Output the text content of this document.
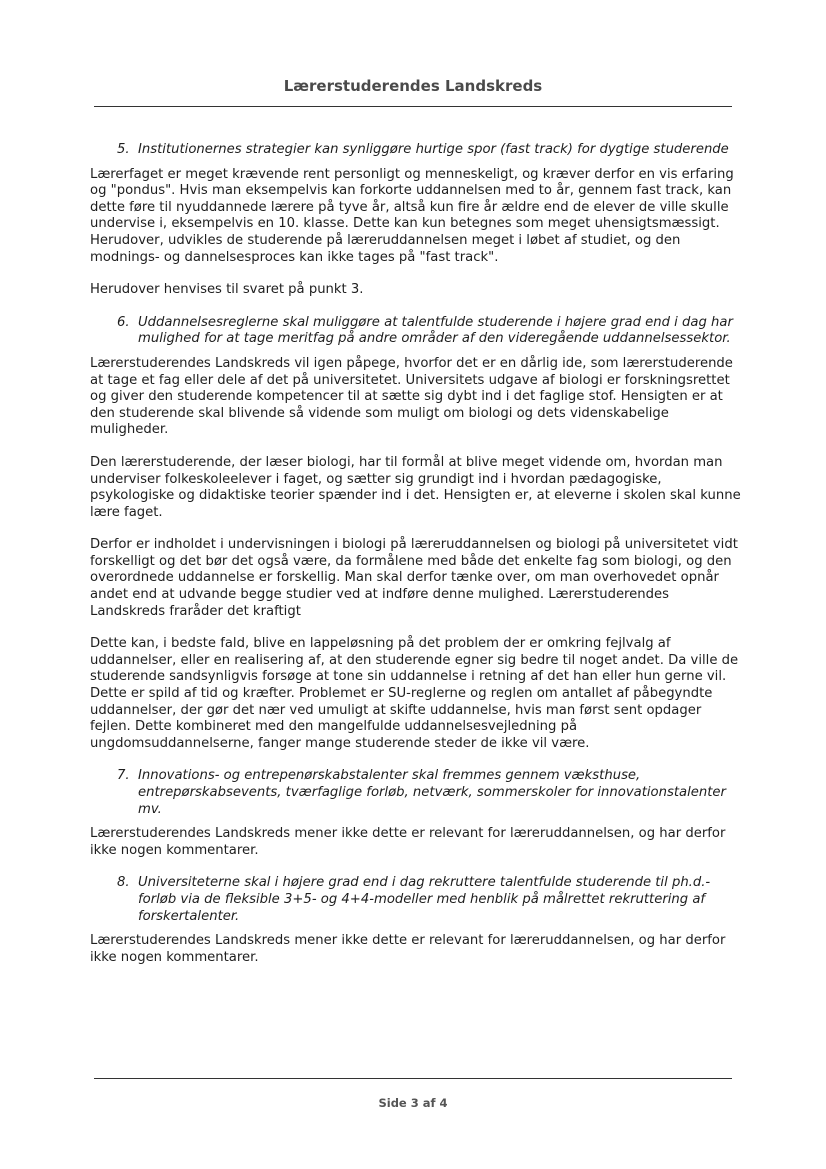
Lærerstuderendes Landskreds
5. Institutionernes strategier kan synliggøre hurtige spor (fast track) for dygtige studerende

Lærerfaget er meget krævende rent personligt og menneskeligt, og kræver derfor en vis erfaring og "pondus". Hvis man eksempelvis kan forkorte uddannelsen med to år, gennem fast track, kan dette føre til nyuddannede lærere på tyve år, altså kun fire år ældre end de elever de ville skulle undervise i, eksempelvis en 10. klasse. Dette kan kun betegnes som meget uhensigtsmæssigt.

Herudover, udvikles de studerende på læreruddannelsen meget i løbet af studiet, og den modnings- og dannelsesproces kan ikke tages på "fast track".

Herudover henvises til svaret på punkt 3.

6. Uddannelsesreglerne skal muliggøre at talentfulde studerende i højere grad end i dag har mulighed for at tage meritfag på andre områder af den videregående uddannelsessektor.

Lærerstuderendes Landskreds vil igen påpege, hvorfor det er en dårlig ide, som lærerstuderende at tage et fag eller dele af det på universitetet. Universitets udgave af biologi er forskningsrettet og giver den studerende kompetencer til at sætte sig dybt ind i det faglige stof. Hensigten er at den studerende skal blivende så vidende som muligt om biologi og dets videnskabelige muligheder.

Den lærerstuderende, der læser biologi, har til formål at blive meget vidende om, hvordan man underviser folkeskoleelever i faget, og sætter sig grundigt ind i hvordan pædagogiske, psykologiske og didaktiske teorier spænder ind i det. Hensigten er, at eleverne i skolen skal kunne lære faget.

Derfor er indholdet i undervisningen i biologi på læreruddannelsen og biologi på universitetet vidt forskelligt og det bør det også være, da formålene med både det enkelte fag som biologi, og den overordnede uddannelse er forskellig. Man skal derfor tænke over, om man overhovedet opnår andet end at udvande begge studier ved at indføre denne mulighed. Lærerstuderendes Landskreds fraråder det kraftigt

Dette kan, i bedste fald, blive en lappeløsning på det problem der er omkring fejlvalg af uddannelser, eller en realisering af, at den studerende egner sig bedre til noget andet. Da ville de studerende sandsynligvis forsøge at tone sin uddannelse i retning af det han eller hun gerne vil. Dette er spild af tid og kræfter. Problemet er SU-reglerne og reglen om antallet af påbegyndte uddannelser, der gør det nær ved umuligt at skifte uddannelse, hvis man først sent opdager fejlen. Dette kombineret med den mangelfulde uddannelsesvejledning på ungdomsuddannelserne, fanger mange studerende steder de ikke vil være.

7. Innovations- og entrepenørskabstalenter skal fremmes gennem væksthuse, entrepørskabsevents, tværfaglige forløb, netværk, sommerskoler for innovationstalenter mv.

Lærerstuderendes Landskreds mener ikke dette er relevant for læreruddannelsen, og har derfor ikke nogen kommentarer.

8. Universiteterne skal i højere grad end i dag rekruttere talentfulde studerende til ph.d.-forløb via de fleksible 3+5- og 4+4-modeller med henblik på målrettet rekruttering af forskertalenter.

Lærerstuderendes Landskreds mener ikke dette er relevant for læreruddannelsen, og har derfor ikke nogen kommentarer.

Side 3 af 4
